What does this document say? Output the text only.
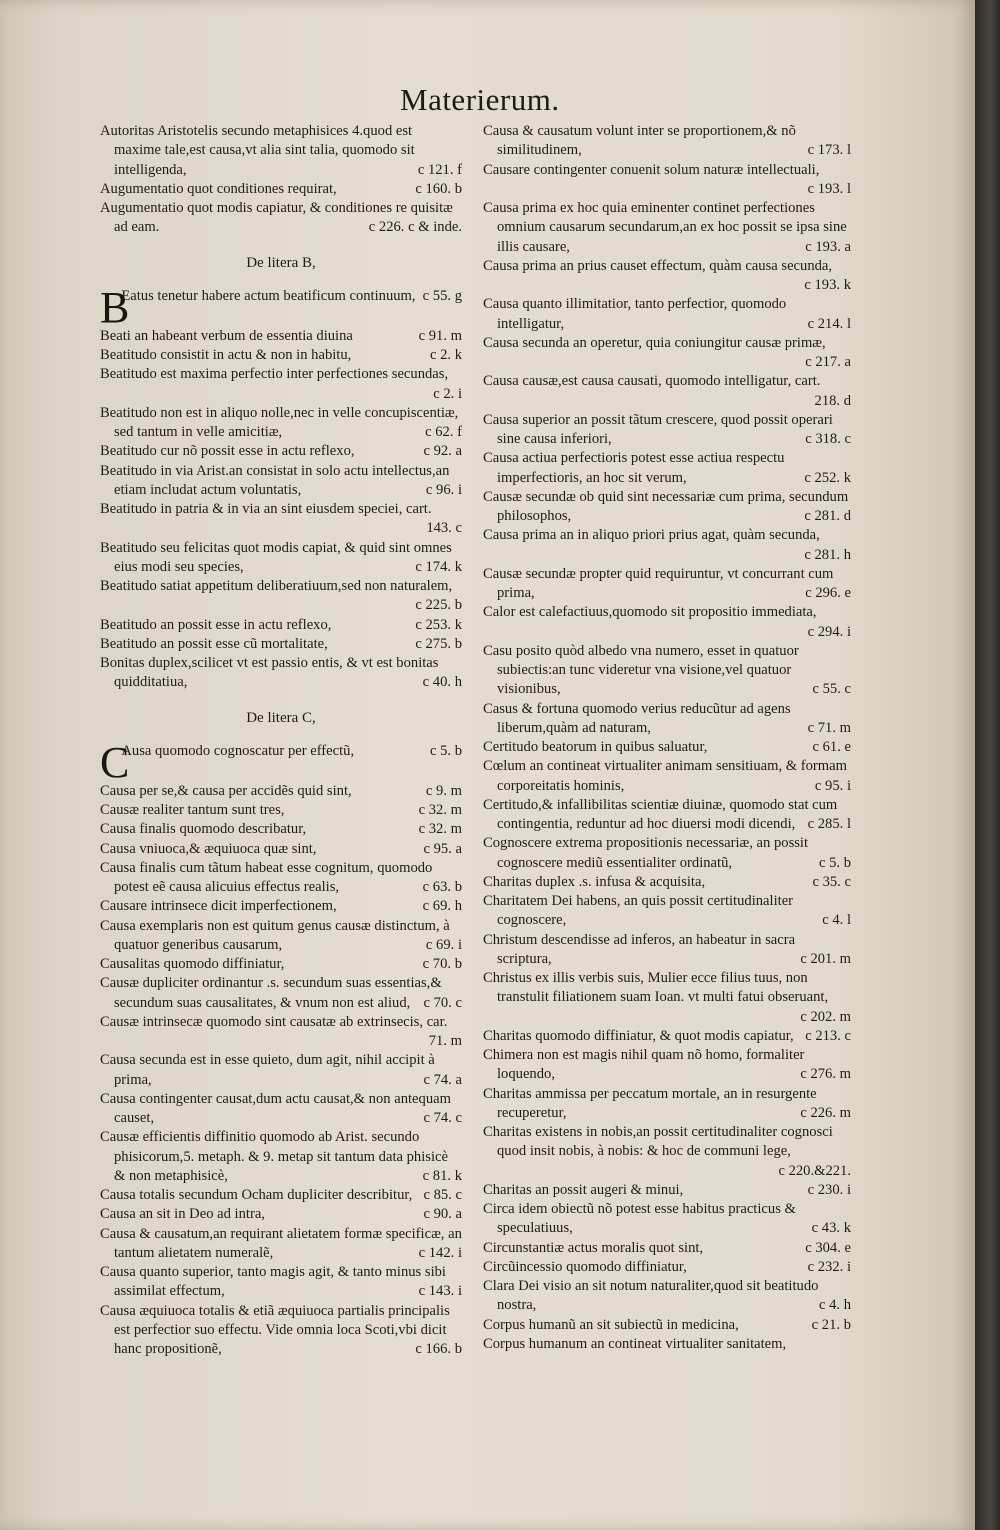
Materierum.

Autoritas Aristotelis secundo metaphisices 4.quod est maxime tale,est causa,vt alia sint talia, quomodo sit intelligenda,	c 121. f

Augumentatio quot conditiones requirat,	c 160. b

Augumentatio quot modis capiatur, & conditiones re quisitæ ad eam.	c 226. c & inde.

De litera B,

B
Eatus tenetur habere actum beatificum continuum, c 55. g

Beati an habeant verbum de essentia diuina	c 91. m

Beatitudo consistit in actu & non in habitu,	c 2. k

Beatitudo est maxima perfectio inter perfectiones secundas,
c 2. i

Beatitudo non est in aliquo nolle,nec in velle concupiscentiæ, sed tantum in velle amicitiæ,	c 62. f

Beatitudo cur nõ possit esse in actu reflexo,	c 92. a

Beatitudo in via Arist.an consistat in solo actu intellectus,an etiam includat actum voluntatis,	c 96. i

Beatitudo in patria & in via an sint eiusdem speciei, cart.
143. c

Beatitudo seu felicitas quot modis capiat, & quid sint omnes eius modi seu species,	c 174. k

Beatitudo satiat appetitum deliberatiuum,sed non naturalem,
c 225. b

Beatitudo an possit esse in actu reflexo,	c 253. k

Beatitudo an possit esse cũ mortalitate,	c 275. b

Bonitas duplex,scilicet vt est passio entis, & vt est bonitas quidditatiua,	c 40. h

De litera C,

C
Ausa quomodo cognoscatur per effectũ,	c 5. b

Causa per se,& causa per accidẽs quid sint,	c 9. m

Causæ realiter tantum sunt tres,	c 32. m

Causa finalis quomodo describatur,	c 32. m

Causa vniuoca,& æquiuoca quæ sint,	c 95. a

Causa finalis cum tãtum habeat esse cognitum, quomodo potest eẽ causa alicuius effectus realis,	c 63. b

Causare intrinsece dicit imperfectionem,	c 69. h

Causa exemplaris non est quitum genus causæ distinctum, à quatuor generibus causarum,	c 69. i

Causalitas quomodo diffiniatur,	c 70. b

Causæ dupliciter ordinantur .s. secundum suas essentias,& secundum suas causalitates, & vnum non est aliud, c 70. c

Causæ intrinsecæ quomodo sint causatæ ab extrinsecis, car.
71. m

Causa secunda est in esse quieto, dum agit, nihil accipit à prima,	c 74. a

Causa contingenter causat,dum actu causat,& non antequam causet,	c 74. c

Causæ efficientis diffinitio quomodo ab Arist. secundo phisicorum,5. metaph. & 9. metap sit tantum data phisicè & non metaphisicè,	c 81. k

Causa totalis secundum Ocham dupliciter describitur, c 85. c

Causa an sit in Deo ad intra,	c 90. a

Causa & causatum,an requirant alietatem formæ specificæ, an tantum alietatem numeralẽ,	c 142. i

Causa quanto superior, tanto magis agit, & tanto minus sibi assimilat effectum,	c 143. i

Causa æquiuoca totalis & etiã æquiuoca partialis principalis est perfectior suo effectu. Vide omnia loca Scoti,vbi dicit hanc propositionẽ,	c 166. b

Causa & causatum volunt inter se proportionem,& nõ similitudinem,	c 173. l

Causare contingenter conuenit solum naturæ intellectuali,
c 193. l

Causa prima ex hoc quia eminenter continet perfectiones omnium causarum secundarum,an ex hoc possit se ipsa sine illis causare,	c 193. a

Causa prima an prius causet effectum, quàm causa secunda,
c 193. k

Causa quanto illimitatior, tanto perfectior, quomodo intelligatur,	c 214. l

Causa secunda an operetur, quia coniungitur causæ primæ,
c 217. a

Causa causæ,est causa causati, quomodo intelligatur, cart.
218. d

Causa superior an possit tãtum crescere, quod possit operari sine causa inferiori,	c 318. c

Causa actiua perfectioris potest esse actiua respectu imperfectioris, an hoc sit verum,	c 252. k

Causæ secundæ ob quid sint necessariæ cum prima, secundum philosophos,	c 281. d

Causa prima an in aliquo priori prius agat, quàm secunda,
c 281. h

Causæ secundæ propter quid requiruntur, vt concurrant cum prima,	c 296. e

Calor est calefactiuus,quomodo sit propositio immediata,
c 294. i

Casu posito quòd albedo vna numero, esset in quatuor subiectis:an tunc videretur vna visione,vel quatuor visionibus,	c 55. c

Casus & fortuna quomodo verius reducũtur ad agens liberum,quàm ad naturam,	c 71. m

Certitudo beatorum in quibus saluatur,	c 61. e

Cœlum an contineat virtualiter animam sensitiuam, & formam corporeitatis hominis,	c 95. i

Certitudo,& infallibilitas scientiæ diuinæ, quomodo stat cum contingentia, reduntur ad hoc diuersi modi dicendi, c 285. l

Cognoscere extrema propositionis necessariæ, an possit cognoscere mediũ essentialiter ordinatũ,	c 5. b

Charitas duplex .s. infusa & acquisita,	c 35. c

Charitatem Dei habens, an quis possit certitudinaliter cognoscere,	c 4. l

Christum descendisse ad inferos, an habeatur in sacra scriptura,	c 201. m

Christus ex illis verbis suis, Mulier ecce filius tuus, non transtulit filiationem suam Ioan. vt multi fatui obseruant,
c 202. m

Charitas quomodo diffiniatur, & quot modis capiatur, c 213. c

Chimera non est magis nihil quam nõ homo, formaliter loquendo,	c 276. m

Charitas ammissa per peccatum mortale, an in resurgente recuperetur,	c 226. m

Charitas existens in nobis,an possit certitudinaliter cognosci quod insit nobis, à nobis: & hoc de communi lege,
c 220.&221.

Charitas an possit augeri & minui,	c 230. i

Circa idem obiectũ nõ potest esse habitus practicus & speculatiuus,	c 43. k

Circunstantiæ actus moralis quot sint,	c 304. e

Circũincessio quomodo diffiniatur,	c 232. i

Clara Dei visio an sit notum naturaliter,quod sit beatitudo nostra,	c 4. h

Corpus humanũ an sit subiectũ in medicina,	c 21. b

Corpus humanum an contineat virtualiter sanitatem,
